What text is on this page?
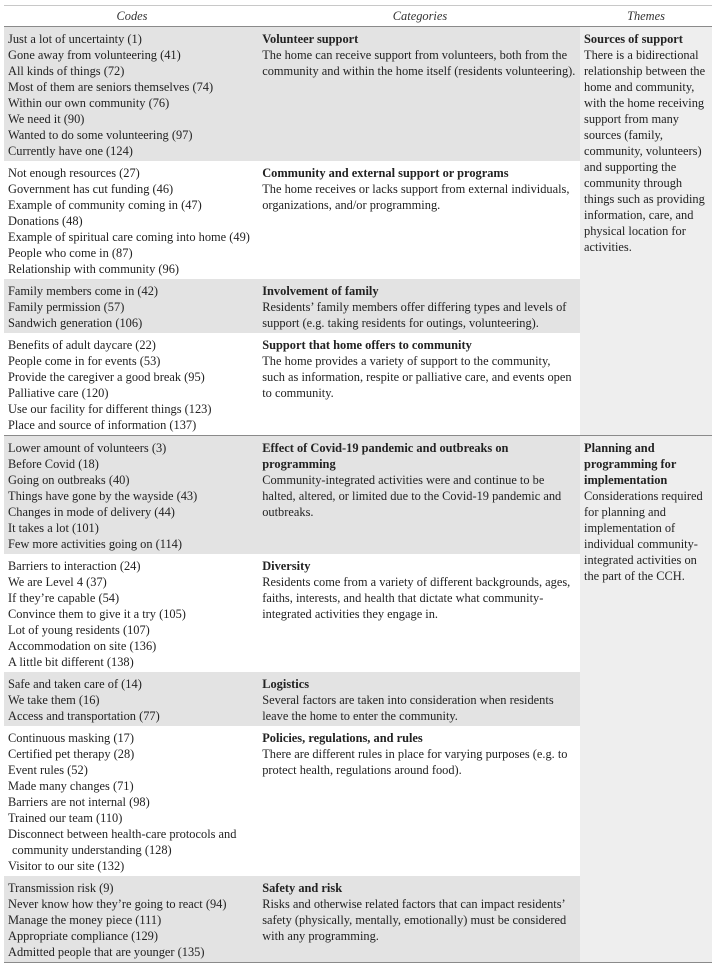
Codes	Categories	Themes
Just a lot of uncertainty (1)
Gone away from volunteering (41)
All kinds of things (72)
Most of them are seniors themselves (74)
Within our own community (76)
We need it (90)
Wanted to do some volunteering (97)
Currently have one (124)
Volunteer support
The home can receive support from volunteers, both from the community and within the home itself (residents volunteering).
Not enough resources (27)
Government has cut funding (46)
Example of community coming in (47)
Donations (48)
Example of spiritual care coming into home (49)
People who come in (87)
Relationship with community (96)
Community and external support or programs
The home receives or lacks support from external individuals, organizations, and/or programming.
Family members come in (42)
Family permission (57)
Sandwich generation (106)
Involvement of family
Residents’ family members offer differing types and levels of support (e.g. taking residents for outings, volunteering).
Benefits of adult daycare (22)
People come in for events (53)
Provide the caregiver a good break (95)
Palliative care (120)
Use our facility for different things (123)
Place and source of information (137)
Support that home offers to community
The home provides a variety of support to the community, such as information, respite or palliative care, and events open to community.
Sources of support
There is a bidirectional relationship between the home and community, with the home receiving support from many sources (family, community, volunteers) and supporting the community through things such as providing information, care, and physical location for activities.
Lower amount of volunteers (3)
Before Covid (18)
Going on outbreaks (40)
Things have gone by the wayside (43)
Changes in mode of delivery (44)
It takes a lot (101)
Few more activities going on (114)
Effect of Covid-19 pandemic and outbreaks on programming
Community-integrated activities were and continue to be halted, altered, or limited due to the Covid-19 pandemic and outbreaks.
Barriers to interaction (24)
We are Level 4 (37)
If they’re capable (54)
Convince them to give it a try (105)
Lot of young residents (107)
Accommodation on site (136)
A little bit different (138)
Diversity
Residents come from a variety of different backgrounds, ages, faiths, interests, and health that dictate what community-integrated activities they engage in.
Safe and taken care of (14)
We take them (16)
Access and transportation (77)
Logistics
Several factors are taken into consideration when residents leave the home to enter the community.
Continuous masking (17)
Certified pet therapy (28)
Event rules (52)
Made many changes (71)
Barriers are not internal (98)
Trained our team (110)
Disconnect between health-care protocols and community understanding (128)
Visitor to our site (132)
Policies, regulations, and rules
There are different rules in place for varying purposes (e.g. to protect health, regulations around food).
Transmission risk (9)
Never know how they’re going to react (94)
Manage the money piece (111)
Appropriate compliance (129)
Admitted people that are younger (135)
Safety and risk
Risks and otherwise related factors that can impact residents’ safety (physically, mentally, emotionally) must be considered with any programming.
Planning and programming for implementation
Considerations required for planning and implementation of individual community-integrated activities on the part of the CCH.
